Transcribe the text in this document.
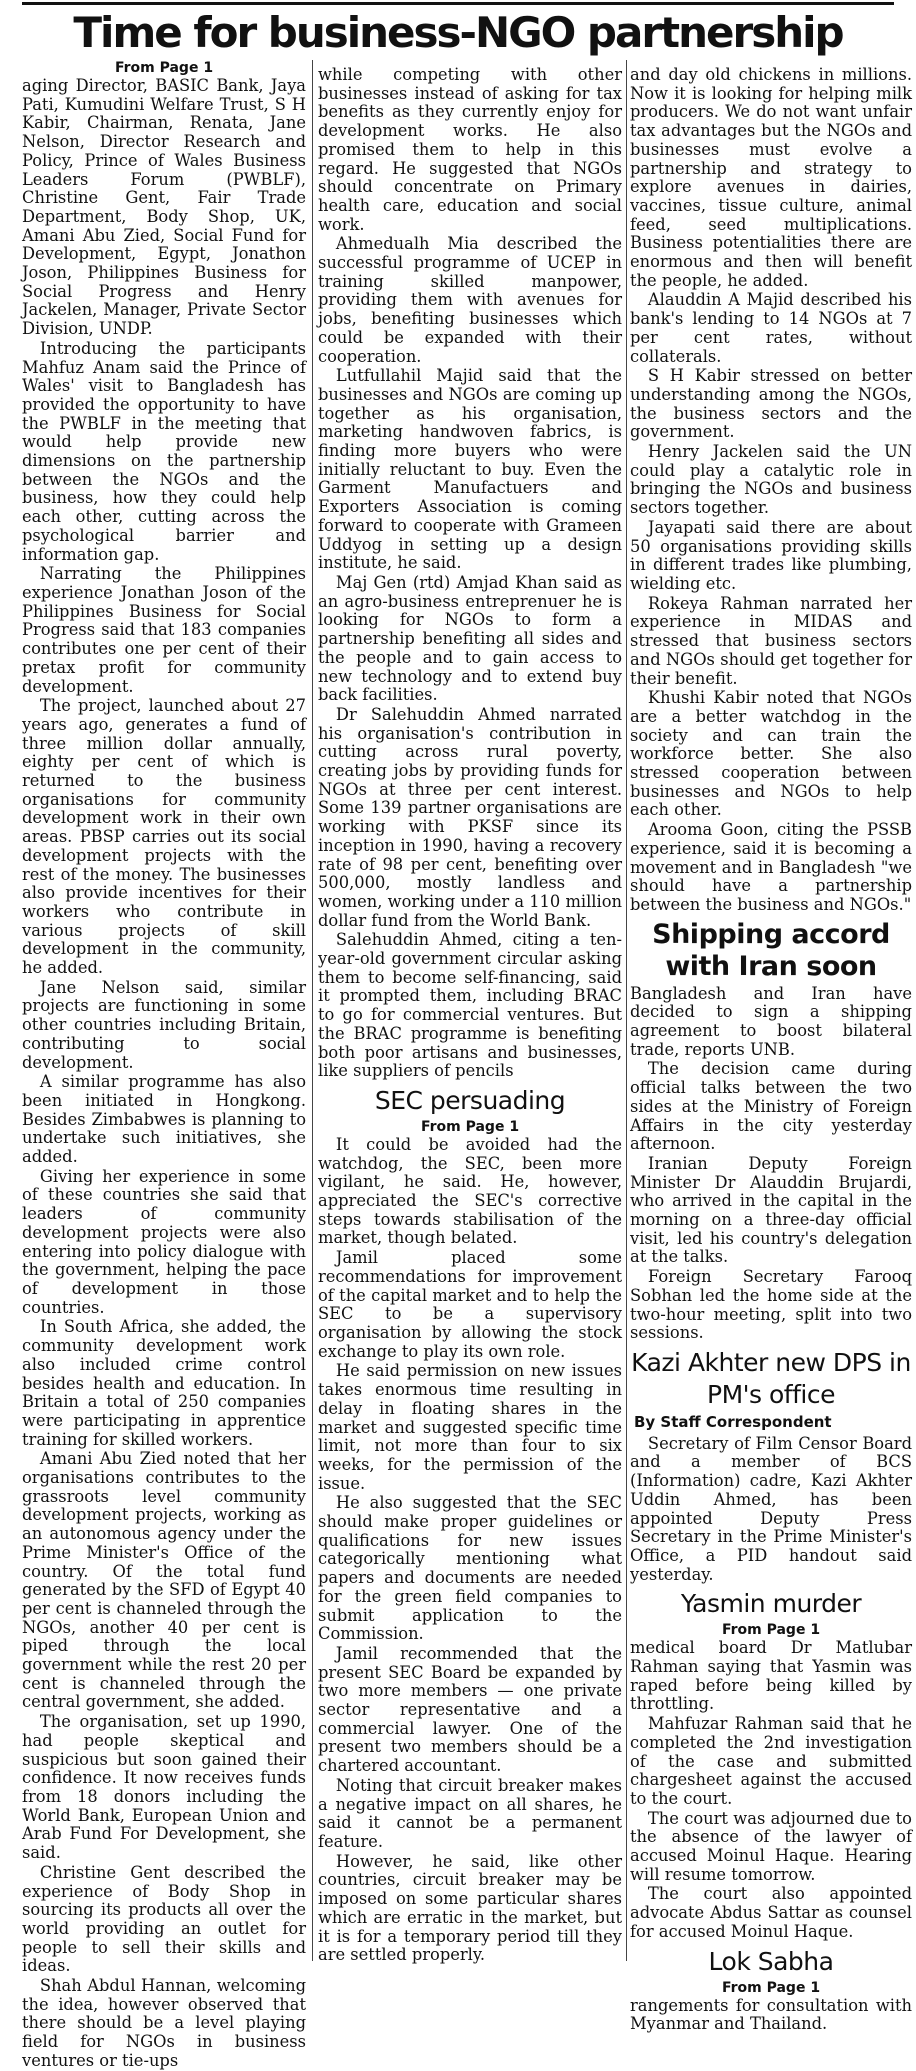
Time for business-NGO partnership
From Page 1

aging Director, BASIC Bank, Jaya Pati, Kumudini Welfare Trust, S H Kabir, Chairman, Renata, Jane Nelson, Director Research and Policy, Prince of Wales Business Leaders Forum (PWBLF), Christine Gent, Fair Trade Department, Body Shop, UK, Amani Abu Zied, Social Fund for Development, Egypt, Jonathon Joson, Philippines Business for Social Progress and Henry Jackelen, Manager, Private Sector Division, UNDP.

Introducing the participants Mahfuz Anam said the Prince of Wales' visit to Bangladesh has provided the opportunity to have the PWBLF in the meeting that would help provide new dimensions on the partnership between the NGOs and the business, how they could help each other, cutting across the psychological barrier and information gap.

Narrating the Philippines experience Jonathan Joson of the Philippines Business for Social Progress said that 183 companies contributes one per cent of their pretax profit for community development.

The project, launched about 27 years ago, generates a fund of three million dollar annually, eighty per cent of which is returned to the business organisations for community development work in their own areas. PBSP carries out its social development projects with the rest of the money. The businesses also provide incentives for their workers who contribute in various projects of skill development in the community, he added.

Jane Nelson said, similar projects are functioning in some other countries including Britain, contributing to social development.

A similar programme has also been initiated in Hongkong. Besides Zimbabwes is planning to undertake such initiatives, she added.

Giving her experience in some of these countries she said that leaders of community development projects were also entering into policy dialogue with the government, helping the pace of development in those countries.

In South Africa, she added, the community development work also included crime control besides health and education. In Britain a total of 250 companies were participating in apprentice training for skilled workers.

Amani Abu Zied noted that her organisations contributes to the grassroots level community development projects, working as an autonomous agency under the Prime Minister's Office of the country. Of the total fund generated by the SFD of Egypt 40 per cent is channeled through the NGOs, another 40 per cent is piped through the local government while the rest 20 per cent is channeled through the central government, she added.

The organisation, set up 1990, had people skeptical and suspicious but soon gained their confidence. It now receives funds from 18 donors including the World Bank, European Union and Arab Fund For Development, she said.

Christine Gent described the experience of Body Shop in sourcing its products all over the world providing an outlet for people to sell their skills and ideas.

Shah Abdul Hannan, welcoming the idea, however observed that there should be a level playing field for NGOs in business ventures or tie-ups

while competing with other businesses instead of asking for tax benefits as they currently enjoy for development works. He also promised them to help in this regard. He suggested that NGOs should concentrate on Primary health care, education and social work.

Ahmedualh Mia described the successful programme of UCEP in training skilled manpower, providing them with avenues for jobs, benefiting businesses which could be expanded with their cooperation.

Lutfullahil Majid said that the businesses and NGOs are coming up together as his organisation, marketing handwoven fabrics, is finding more buyers who were initially reluctant to buy. Even the Garment Manufactuers and Exporters Association is coming forward to cooperate with Grameen Uddyog in setting up a design institute, he said.

Maj Gen (rtd) Amjad Khan said as an agro-business entreprenuer he is looking for NGOs to form a partnership benefiting all sides and the people and to gain access to new technology and to extend buy back facilities.

Dr Salehuddin Ahmed narrated his organisation's contribution in cutting across rural poverty, creating jobs by providing funds for NGOs at three per cent interest. Some 139 partner organisations are working with PKSF since its inception in 1990, having a recovery rate of 98 per cent, benefiting over 500,000, mostly landless and women, working under a 110 million dollar fund from the World Bank.

Salehuddin Ahmed, citing a ten-year-old government circular asking them to become self-financing, said it prompted them, including BRAC to go for commercial ventures. But the BRAC programme is benefiting both poor artisans and businesses, like suppliers of pencils

SEC persuading
From Page 1

It could be avoided had the watchdog, the SEC, been more vigilant, he said. He, however, appreciated the SEC's corrective steps towards stabilisation of the market, though belated.

Jamil placed some recommendations for improvement of the capital market and to help the SEC to be a supervisory organisation by allowing the stock exchange to play its own role.

He said permission on new issues takes enormous time resulting in delay in floating shares in the market and suggested specific time limit, not more than four to six weeks, for the permission of the issue.

He also suggested that the SEC should make proper guidelines or qualifications for new issues categorically mentioning what papers and documents are needed for the green field companies to submit application to the Commission.

Jamil recommended that the present SEC Board be expanded by two more members — one private sector representative and a commercial lawyer. One of the present two members should be a chartered accountant.

Noting that circuit breaker makes a negative impact on all shares, he said it cannot be a permanent feature.

However, he said, like other countries, circuit breaker may be imposed on some particular shares which are erratic in the market, but it is for a temporary period till they are settled properly.

and day old chickens in millions. Now it is looking for helping milk producers. We do not want unfair tax advantages but the NGOs and businesses must evolve a partnership and strategy to explore avenues in dairies, vaccines, tissue culture, animal feed, seed multiplications. Business potentialities there are enormous and then will benefit the people, he added.

Alauddin A Majid described his bank's lending to 14 NGOs at 7 per cent rates, without collaterals.

S H Kabir stressed on better understanding among the NGOs, the business sectors and the government.

Henry Jackelen said the UN could play a catalytic role in bringing the NGOs and business sectors together.

Jayapati said there are about 50 organisations providing skills in different trades like plumbing, wielding etc.

Rokeya Rahman narrated her experience in MIDAS and stressed that business sectors and NGOs should get together for their benefit.

Khushi Kabir noted that NGOs are a better watchdog in the society and can train the workforce better. She also stressed cooperation between businesses and NGOs to help each other.

Arooma Goon, citing the PSSB experience, said it is becoming a movement and in Bangladesh "we should have a partnership between the business and NGOs."

Shipping accord with Iran soon

Bangladesh and Iran have decided to sign a shipping agreement to boost bilateral trade, reports UNB.

The decision came during official talks between the two sides at the Ministry of Foreign Affairs in the city yesterday afternoon.

Iranian Deputy Foreign Minister Dr Alauddin Brujardi, who arrived in the capital in the morning on a three-day official visit, led his country's delegation at the talks.

Foreign Secretary Farooq Sobhan led the home side at the two-hour meeting, split into two sessions.

Kazi Akhter new DPS in PM's office
By Staff Correspondent

Secretary of Film Censor Board and a member of BCS (Information) cadre, Kazi Akhter Uddin Ahmed, has been appointed Deputy Press Secretary in the Prime Minister's Office, a PID handout said yesterday.

Yasmin murder
From Page 1

medical board Dr Matlubar Rahman saying that Yasmin was raped before being killed by throttling.

Mahfuzar Rahman said that he completed the 2nd investigation of the case and submitted chargesheet against the accused to the court.

The court was adjourned due to the absence of the lawyer of accused Moinul Haque. Hearing will resume tomorrow.

The court also appointed advocate Abdus Sattar as counsel for accused Moinul Haque.

Lok Sabha
From Page 1

rangements for consultation with Myanmar and Thailand.
